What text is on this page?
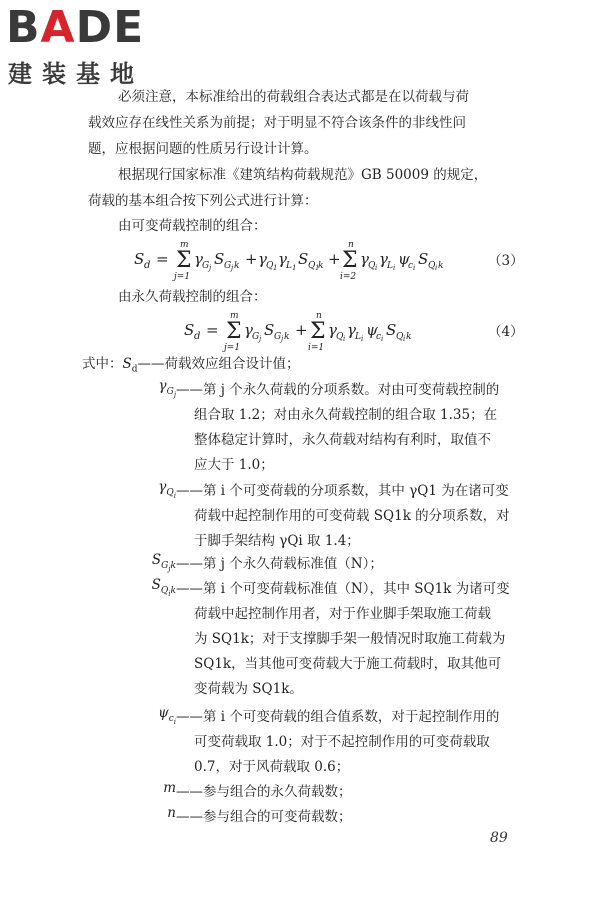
BADE
建装基地
必须注意，本标准给出的荷载组合表达式都是在以荷载与荷
载效应存在线性关系为前提；对于明显不符合该条件的非线性问
题，应根据问题的性质另行设计计算。
根据现行国家标准《建筑结构荷载规范》GB 50009 的规定，
荷载的基本组合按下列公式进行计算：
由可变荷载控制的组合：
S d = Σ
m
j=1
γ G j S G j k + γ Q 1 γ L 1 S Q 1
k + Σ
n
i=2
γ Q i γ L i ψ
c i S Q i k	（3）
由永久荷载控制的组合：
S d = Σ
m
j=1
γ G j S G j k + Σ
n
i=1
γ Q i γ L i ψ
c i S Q i k	（4）
式中：$S_d——$荷载效应组合设计值；
$\gamma_{G_j}$ ——第 j 个永久荷载的分项系数。对由可变荷载控制的
组合取 1.2；对由永久荷载控制的组合取 1.35；在
整体稳定计算时，永久荷载对结构有利时，取值不
应大于 1.0；
$\gamma_{Q_i}$ ——第 i 个可变荷载的分项系数，其中 γQ1 为在诸可变
荷载中起控制作用的可变荷载 SQ1k 的分项系数，对
于脚手架结构 γQi 取 1.4；
$S_{G_jk}$ ——第 j 个永久荷载标准值（N）；
$S_{Q_ik}$ ——第 i 个可变荷载标准值（N），其中 SQ1k 为诸可变
荷载中起控制作用者，对于作业脚手架取施工荷载
为 SQ1k；对于支撑脚手架一般情况时取施工荷载为
SQ1k，当其他可变荷载大于施工荷载时，取其他可
变荷载为 SQ1k。
$\psi_{c_i}$ ——第 i 个可变荷载的组合值系数，对于起控制作用的
可变荷载取 1.0；对于不起控制作用的可变荷载取
0.7，对于风荷载取 0.6；
m ——参与组合的永久荷载数；
n ——参与组合的可变荷载数；
89
